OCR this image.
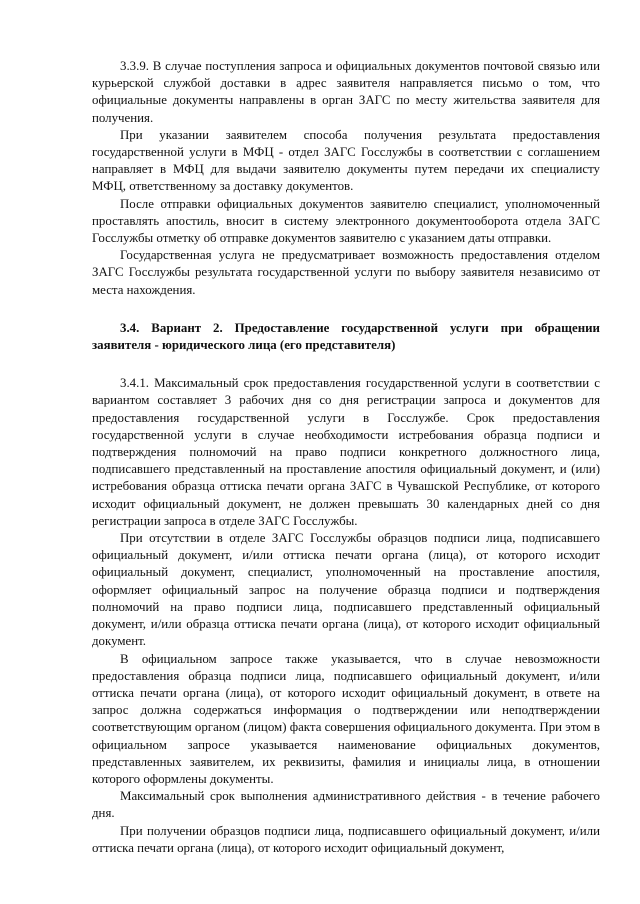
3.3.9. В случае поступления запроса и официальных документов почтовой связью или курьерской службой доставки в адрес заявителя направляется письмо о том, что официальные документы направлены в орган ЗАГС по месту жительства заявителя для получения.

При указании заявителем способа получения результата предоставления государственной услуги в МФЦ - отдел ЗАГС Госслужбы в соответствии с соглашением направляет в МФЦ для выдачи заявителю документы путем передачи их специалисту МФЦ, ответственному за доставку документов.

После отправки официальных документов заявителю специалист, уполномоченный проставлять апостиль, вносит в систему электронного документооборота отдела ЗАГС Госслужбы отметку об отправке документов заявителю с указанием даты отправки.

Государственная услуга не предусматривает возможность предоставления отделом ЗАГС Госслужбы результата государственной услуги по выбору заявителя независимо от места нахождения.

3.4. Вариант 2. Предоставление государственной услуги при обращении заявителя - юридического лица (его представителя)

3.4.1. Максимальный срок предоставления государственной услуги в соответствии с вариантом составляет 3 рабочих дня со дня регистрации запроса и документов для предоставления государственной услуги в Госслужбе. Срок предоставления государственной услуги в случае необходимости истребования образца подписи и подтверждения полномочий на право подписи конкретного должностного лица, подписавшего представленный на проставление апостиля официальный документ, и (или) истребования образца оттиска печати органа ЗАГС в Чувашской Республике, от которого исходит официальный документ, не должен превышать 30 календарных дней со дня регистрации запроса в отделе ЗАГС Госслужбы.

При отсутствии в отделе ЗАГС Госслужбы образцов подписи лица, подписавшего официальный документ, и/или оттиска печати органа (лица), от которого исходит официальный документ, специалист, уполномоченный на проставление апостиля, оформляет официальный запрос на получение образца подписи и подтверждения полномочий на право подписи лица, подписавшего представленный официальный документ, и/или образца оттиска печати органа (лица), от которого исходит официальный документ.

В официальном запросе также указывается, что в случае невозможности предоставления образца подписи лица, подписавшего официальный документ, и/или оттиска печати органа (лица), от которого исходит официальный документ, в ответе на запрос должна содержаться информация о подтверждении или неподтверждении соответствующим органом (лицом) факта совершения официального документа. При этом в официальном запросе указывается наименование официальных документов, представленных заявителем, их реквизиты, фамилия и инициалы лица, в отношении которого оформлены документы.

Максимальный срок выполнения административного действия - в течение рабочего дня.

При получении образцов подписи лица, подписавшего официальный документ, и/или оттиска печати органа (лица), от которого исходит официальный документ,
